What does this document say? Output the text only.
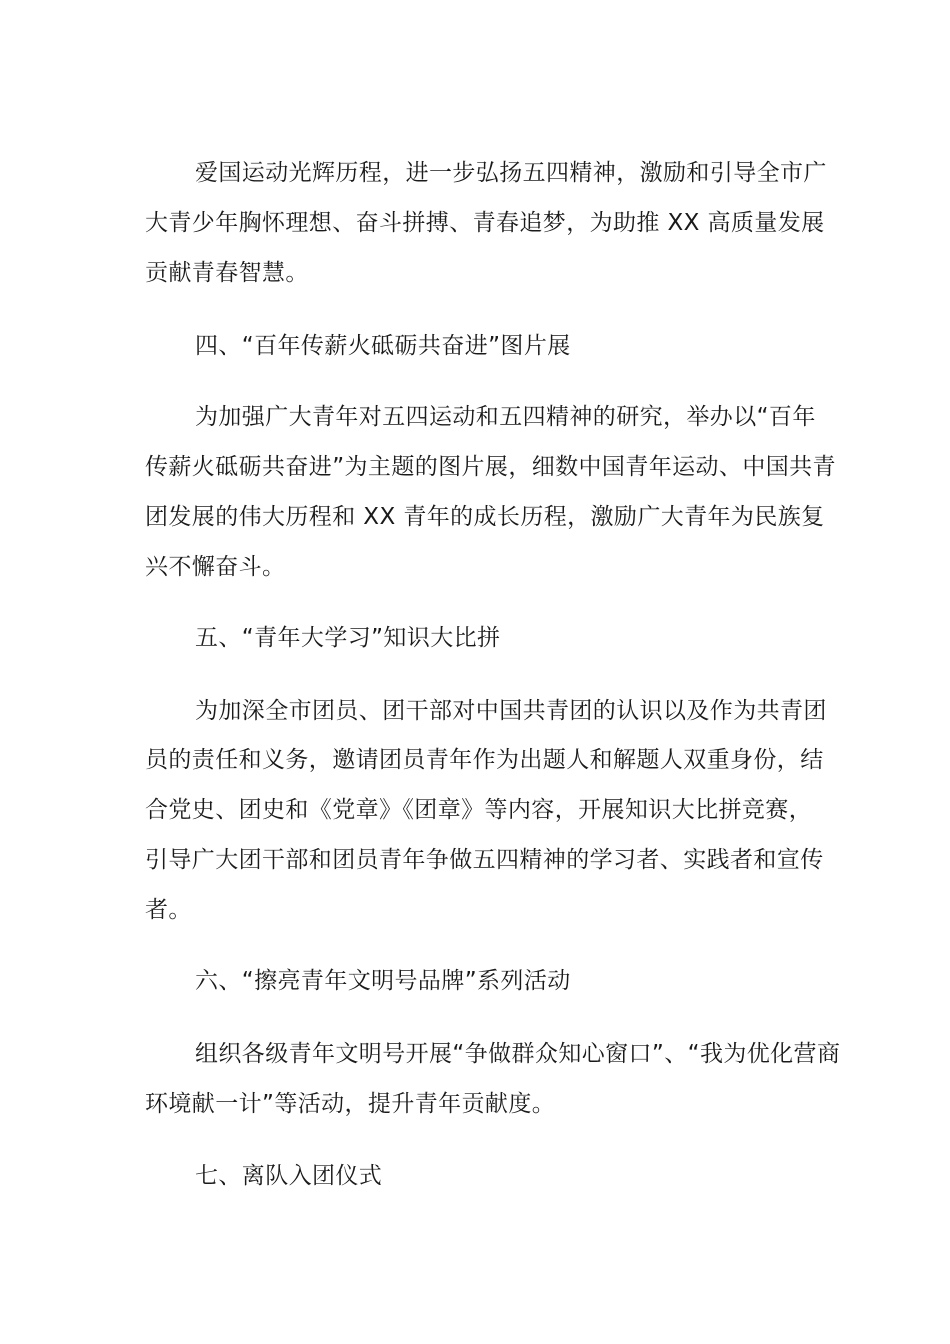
爱国运动光辉历程，进一步弘扬五四精神，激励和引导全市广

大青少年胸怀理想、奋斗拼搏、青春追梦，为助推 XX 高质量发展

贡献青春智慧。

四、“百年传薪火砥砺共奋进”图片展

为加强广大青年对五四运动和五四精神的研究，举办以“百年

传薪火砥砺共奋进”为主题的图片展，细数中国青年运动、中国共青

团发展的伟大历程和 XX 青年的成长历程，激励广大青年为民族复

兴不懈奋斗。

五、“青年大学习”知识大比拼

为加深全市团员、团干部对中国共青团的认识以及作为共青团

员的责任和义务，邀请团员青年作为出题人和解题人双重身份，结

合党史、团史和《党章》《团章》等内容，开展知识大比拼竞赛，

引导广大团干部和团员青年争做五四精神的学习者、实践者和宣传

者。

六、“擦亮青年文明号品牌”系列活动

组织各级青年文明号开展“争做群众知心窗口”、“我为优化营商

环境献一计”等活动，提升青年贡献度。

七、离队入团仪式
